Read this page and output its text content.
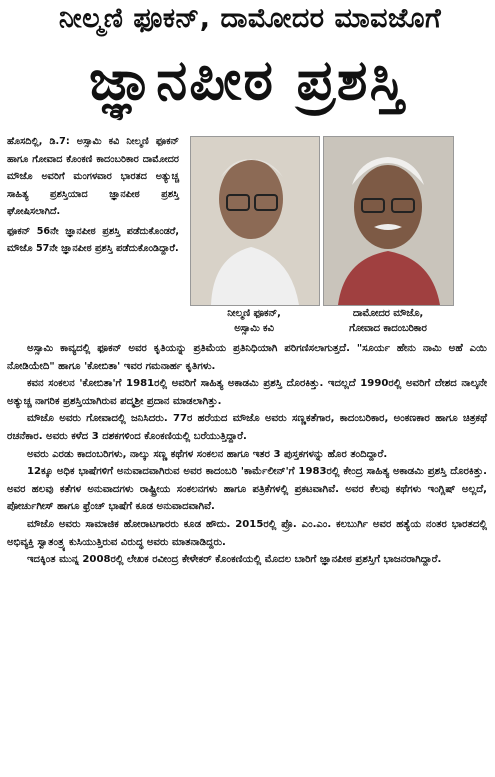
ನೀಲ್ಮಣಿ ಫೂಕನ್, ದಾಮೋದರ ಮಾವಜೊಗೆ
ಜ್ಞಾನಪೀಠ ಪ್ರಶಸ್ತಿ

ಹೊಸದಿಲ್ಲಿ, ಡಿ.7: ಅಸ್ಸಾಮಿ ಕವಿ ನೀಲ್ಮಣಿ ಫೂಕನ್ ಹಾಗೂ ಗೋವಾದ ಕೊಂಕಣಿ ಕಾದಂಬರಿಕಾರ ದಾಮೋದರ ಮೌಜೊ ಅವರಿಗೆ ಮಂಗಳವಾರ ಭಾರತದ ಅತ್ಯುಚ್ಚ ಸಾಹಿತ್ಯ ಪ್ರಶಸ್ತಿಯಾದ ಜ್ಞಾನಪೀಠ ಪ್ರಶಸ್ತಿ ಘೋಷಿಸಲಾಗಿದೆ.

ಫೂಕನ್ 56ನೇ ಜ್ಞಾನಪೀಠ ಪ್ರಶಸ್ತಿ ಪಡೆದುಕೊಂಡರೆ, ಮೌಜೊ 57ನೇ ಜ್ಞಾನಪೀಠ ಪ್ರಶಸ್ತಿ ಪಡೆದುಕೊಂಡಿದ್ದಾರೆ.

ನೀಲ್ಮಣಿ ಫೂಕನ್,
ಅಸ್ಸಾಮಿ ಕವಿ
ದಾಮೋದರ ಮೌಜೊ,
ಗೋವಾದ ಕಾದಂಬರಿಕಾರ

ಅಸ್ಸಾಮಿ ಕಾವ್ಯದಲ್ಲಿ ಫೂಕನ್ ಅವರ ಕೃತಿಯನ್ನು ಪ್ರತಿಮೆಯ ಪ್ರತಿನಿಧಿಯಾಗಿ ಪರಿಗಣಿಸಲಾಗುತ್ತದೆ. "ಸೂರ್ಯ ಹೇನು ನಾಮಿ ಅಹೆ ಎಯಿ ನೋಡಿಯೇದಿ" ಹಾಗೂ 'ಕೋಬಿತಾ' ಇವರ ಗಮನಾರ್ಹ ಕೃತಿಗಳು.

ಕವನ ಸಂಕಲನ 'ಕೋಬಿತಾ'ಗೆ 1981ರಲ್ಲಿ ಅವರಿಗೆ ಸಾಹಿತ್ಯ ಅಕಾಡಮಿ ಪ್ರಶಸ್ತಿ ದೊರಕಿತ್ತು. ಇದಲ್ಲದೆ 1990ರಲ್ಲಿ ಅವರಿಗೆ ದೇಶದ ನಾಲ್ಕನೇ ಅತ್ಯುಚ್ಚ ನಾಗರಿಕ ಪ್ರಶಸ್ತಿಯಾಗಿರುವ ಪದ್ಮಶ್ರೀ ಪ್ರದಾನ ಮಾಡಲಾಗಿತ್ತು.

ಮೌಜೊ ಅವರು ಗೋವಾದಲ್ಲಿ ಜನಿಸಿದರು. 77ರ ಹರೆಯದ ಮೌಜೊ ಅವರು ಸಣ್ಣಕತೆಗಾರ, ಕಾದಂಬರಿಕಾರ, ಅಂಕಣಕಾರ ಹಾಗೂ ಚಿತ್ರಕಥೆ ರಚನೆಕಾರ. ಅವರು ಕಳೆದ 3 ದಶಕಗಳಿಂದ ಕೊಂಕಣಿಯಲ್ಲಿ ಬರೆಯುತ್ತಿದ್ದಾರೆ.

ಅವರು ಎರಡು ಕಾದಂಬರಿಗಳು, ನಾಲ್ಕು ಸಣ್ಣ ಕಥೆಗಳ ಸಂಕಲನ ಹಾಗೂ ಇತರ 3 ಪುಸ್ತಕಗಳನ್ನು ಹೊರ ತಂದಿದ್ದಾರೆ.

12ಕ್ಕೂ ಅಧಿಕ ಭಾಷೆಗಳಿಗೆ ಅನುವಾದವಾಗಿರುವ ಅವರ ಕಾದಂಬರಿ 'ಕಾರ್ಮೆಲೀನ್'ಗೆ 1983ರಲ್ಲಿ ಕೇಂದ್ರ ಸಾಹಿತ್ಯ ಅಕಾಡಮಿ ಪ್ರಶಸ್ತಿ ದೊರಕಿತ್ತು. ಅವರ ಹಲವು ಕತೆಗಳ ಅನುವಾದಗಳು ರಾಷ್ಟ್ರೀಯ ಸಂಕಲನಗಳು ಹಾಗೂ ಪತ್ರಿಕೆಗಳಲ್ಲಿ ಪ್ರಕಟವಾಗಿವೆ. ಅವರ ಕೆಲವು ಕಥೆಗಳು ಇಂಗ್ಲಿಷ್ ಅಲ್ಲದೆ, ಪೋರ್ಚುಗೀಸ್ ಹಾಗೂ ಫ್ರೆಂಚ್ ಭಾಷೆಗೆ ಕೂಡ ಅನುವಾದವಾಗಿವೆ.

ಮೌಜೊ ಅವರು ಸಾಮಾಜಿಕ ಹೋರಾಟಗಾರರು ಕೂಡ ಹೌದು. 2015ರಲ್ಲಿ ಪ್ರೊ. ಎಂ.ಎಂ. ಕಲಬುರ್ಗಿ ಅವರ ಹತ್ಯೆಯ ನಂತರ ಭಾರತದಲ್ಲಿ ಅಭಿವ್ಯಕ್ತಿ ಸ್ವಾತಂತ್ರ್ಯ ಕುಸಿಯುತ್ತಿರುವ ವಿರುದ್ಧ ಅವರು ಮಾತನಾಡಿದ್ದರು.

ಇದಕ್ಕಿಂತ ಮುನ್ನ 2008ರಲ್ಲಿ ಲೇಖಕ ರವೀಂದ್ರ ಕೇಳೇಕರ್ ಕೊಂಕಣಿಯಲ್ಲಿ ಮೊದಲ ಬಾರಿಗೆ ಜ್ಞಾನಪೀಠ ಪ್ರಶಸ್ತಿಗೆ ಭಾಜನರಾಗಿದ್ದಾರೆ.
